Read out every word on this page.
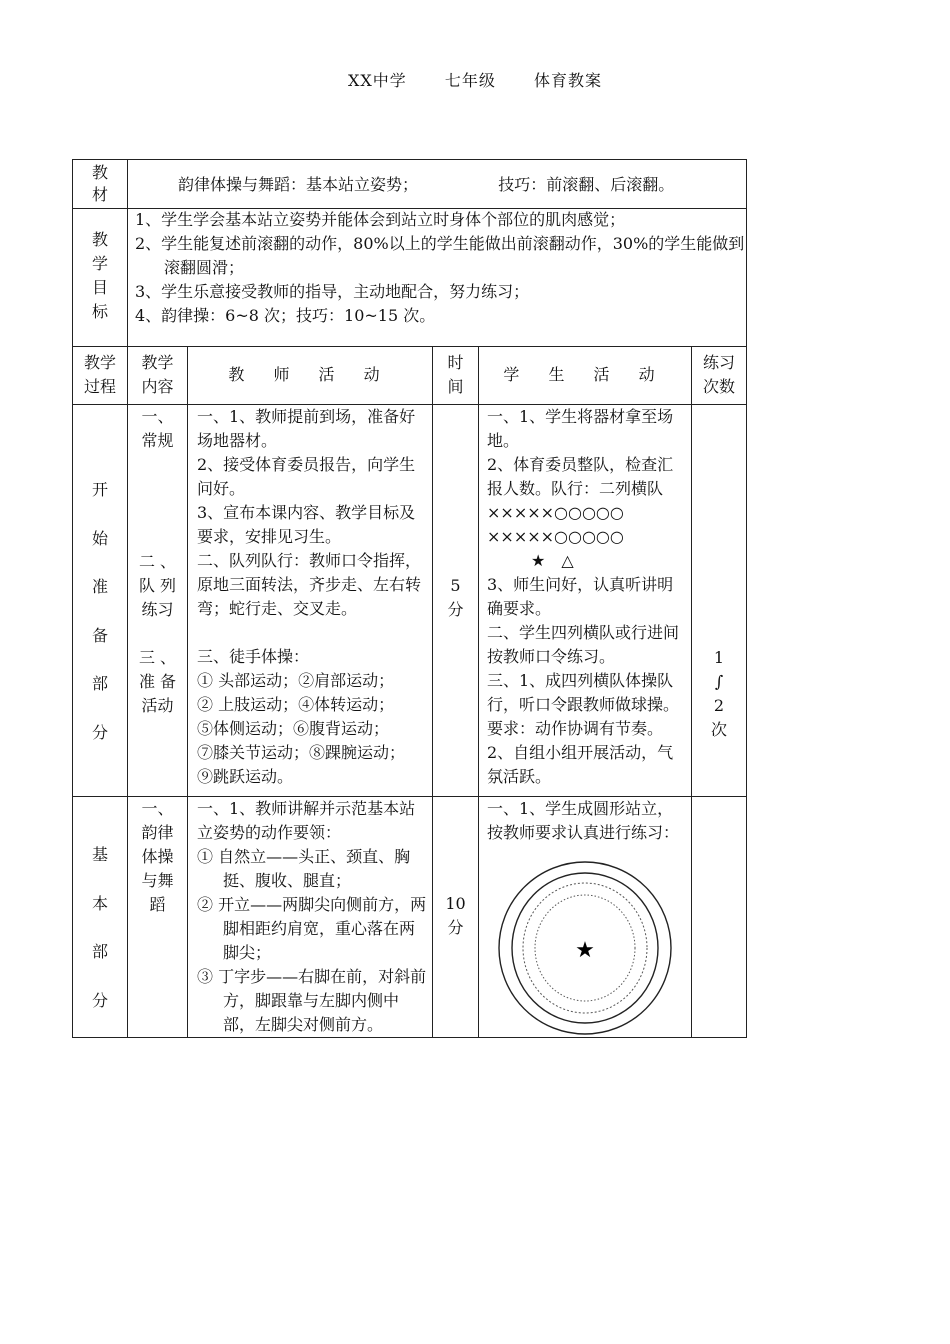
XX中学 七年级 体育教案
教
材
韵律体操与舞蹈：基本站立姿势；	技巧：前滚翻、后滚翻。
教
学
目
标

1、学生学会基本站立姿势并能体会到站立时身体个部位的肌肉感觉；

2、学生能复述前滚翻的动作，80%以上的学生能做出前滚翻动作，30%的学生能做到滚翻圆滑；

3、学生乐意接受教师的指导，主动地配合，努力练习；

4、韵律操：6~8 次；技巧：10~15 次。

教学
过程
教学
内容
教 师 活 动
时
间
学 生 活 动
练习
次数
开
始
准
备
部
分
一、
常规
二 、
队 列
练习
三 、
准 备
活动

一、1、教师提前到场，准备好场地器材。

2、接受体育委员报告，向学生问好。

3、宣布本课内容、教学目标及要求，安排见习生。

二、队列队行：教师口令指挥，原地三面转法，齐步走、左右转弯；蛇行走、交叉走。

三、徒手体操：

① 头部运动；②肩部运动；

② 上肢运动；④体转运动；

⑤体侧运动；⑥腹背运动；

⑦膝关节运动；⑧踝腕运动；

⑨跳跃运动。

5
分

一、1、学生将器材拿至场地。

2、体育委员整队，检查汇报人数。队行：二列横队

×××××○○○○○

×××××○○○○○

★　△

3、师生问好，认真听讲明确要求。

二、学生四列横队或行进间按教师口令练习。

三、1、成四列横队体操队行，听口令跟教师做球操。要求：动作协调有节奏。

2、自组小组开展活动，气氛活跃。

1
∫
2
次
基
本
部
分
一、
韵律
体操
与舞
蹈

一、1、教师讲解并示范基本站立姿势的动作要领：

① 自然立——头正、颈直、胸挺、腹收、腿直；

② 开立——两脚尖向侧前方，两脚相距约肩宽，重心落在两脚尖；

③ 丁字步——右脚在前，对斜前方，脚跟靠与左脚内侧中部，左脚尖对侧前方。

10
分
一、1、学生成圆形站立，按教师要求认真进行练习：
★
